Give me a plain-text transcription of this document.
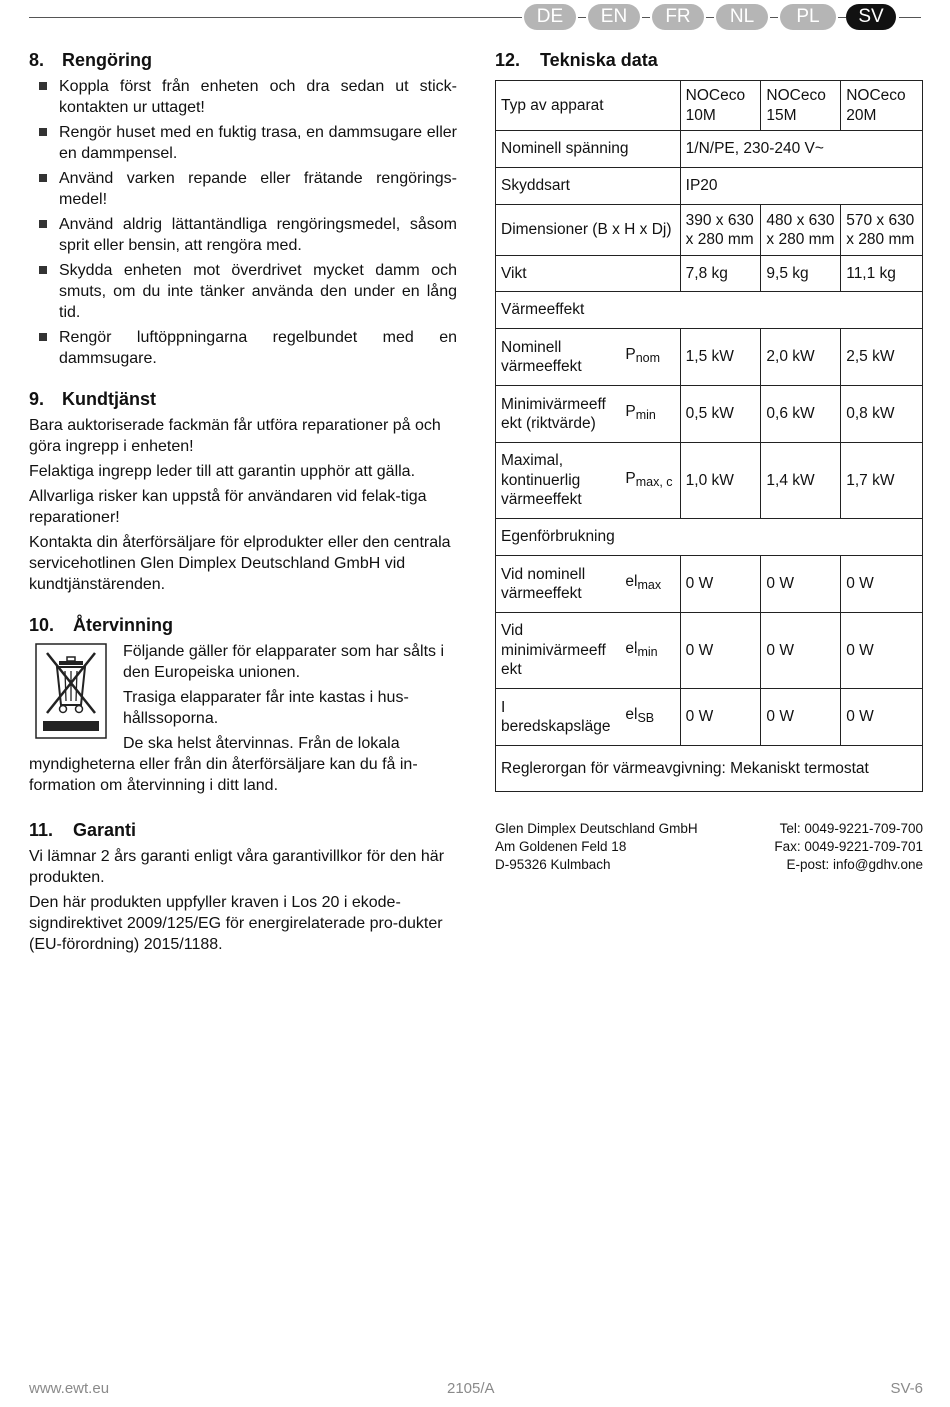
DE	EN	FR	NL	PL	SV
8. Rengöring
Koppla först från enheten och dra sedan ut stick-kontakten ur uttaget!
Rengör huset med en fuktig trasa, en dammsugare eller en dammpensel.
Använd varken repande eller frätande rengörings-medel!
Använd aldrig lättantändliga rengöringsmedel, såsom sprit eller bensin, att rengöra med.
Skydda enheten mot överdrivet mycket damm och smuts, om du inte tänker använda den under en lång tid.
Rengör luftöppningarna regelbundet med en dammsugare.
9. Kundtjänst

Bara auktoriserade fackmän får utföra reparationer på och göra ingrepp i enheten!

Felaktiga ingrepp leder till att garantin upphör att gälla.

Allvarliga risker kan uppstå för användaren vid felak-tiga reparationer!

Kontakta din återförsäljare för elprodukter eller den centrala servicehotlinen Glen Dimplex Deutschland GmbH vid kundtjänstärenden.

10. Återvinning

Följande gäller för elapparater som har sålts i den Europeiska unionen.

Trasiga elapparater får inte kastas i hus-hållssoporna.

De ska helst återvinnas. Från de lokala myndigheterna eller från din återförsäljare kan du få in-formation om återvinning i ditt land.

11. Garanti

Vi lämnar 2 års garanti enligt våra garantivillkor för den här produkten.

Den här produkten uppfyller kraven i Los 20 i ekode-signdirektivet 2009/125/EG för energirelaterade pro-dukter (EU-förordning) 2015/1188.

12. Tekniska data
Typ av apparat		NOCeco 10M	NOCeco 15M	NOCeco 20M
Nominell spänning		1/N/PE, 230-240 V~		
Skyddsart		IP20		
Dimensioner (B x H x Dj)		390 x 630 x 280 mm	480 x 630 x 280 mm	570 x 630 x 280 mm
Vikt		7,8 kg	9,5 kg	11,1 kg
Värmeeffekt				
Nominell värmeeffekt	$P_{nom}$	1,5 kW	2,0 kW	2,5 kW
Minimivärmeeff ekt (riktvärde)	$P_{min}$	0,5 kW	0,6 kW	0,8 kW
Maximal, kontinuerlig värmeeffekt	$P_{max, c}$	1,0 kW	1,4 kW	1,7 kW
Egenförbrukning				
Vid nominell värmeeffekt	$el_{max}$	0 W	0 W	0 W
Vid minimivärmeeff ekt	$el_{min}$	0 W	0 W	0 W
I beredskapsläge	$el_{SB}$	0 W	0 W	0 W
Reglerorgan för värmeavgivning: Mekaniskt termostat				
Glen Dimplex Deutschland GmbH
Am Goldenen Feld 18
D-95326 Kulmbach
Tel: 0049-9221-709-700
Fax: 0049-9221-709-701
E-post: info@gdhv.one
www.ewt.eu	2105/A	SV-6
